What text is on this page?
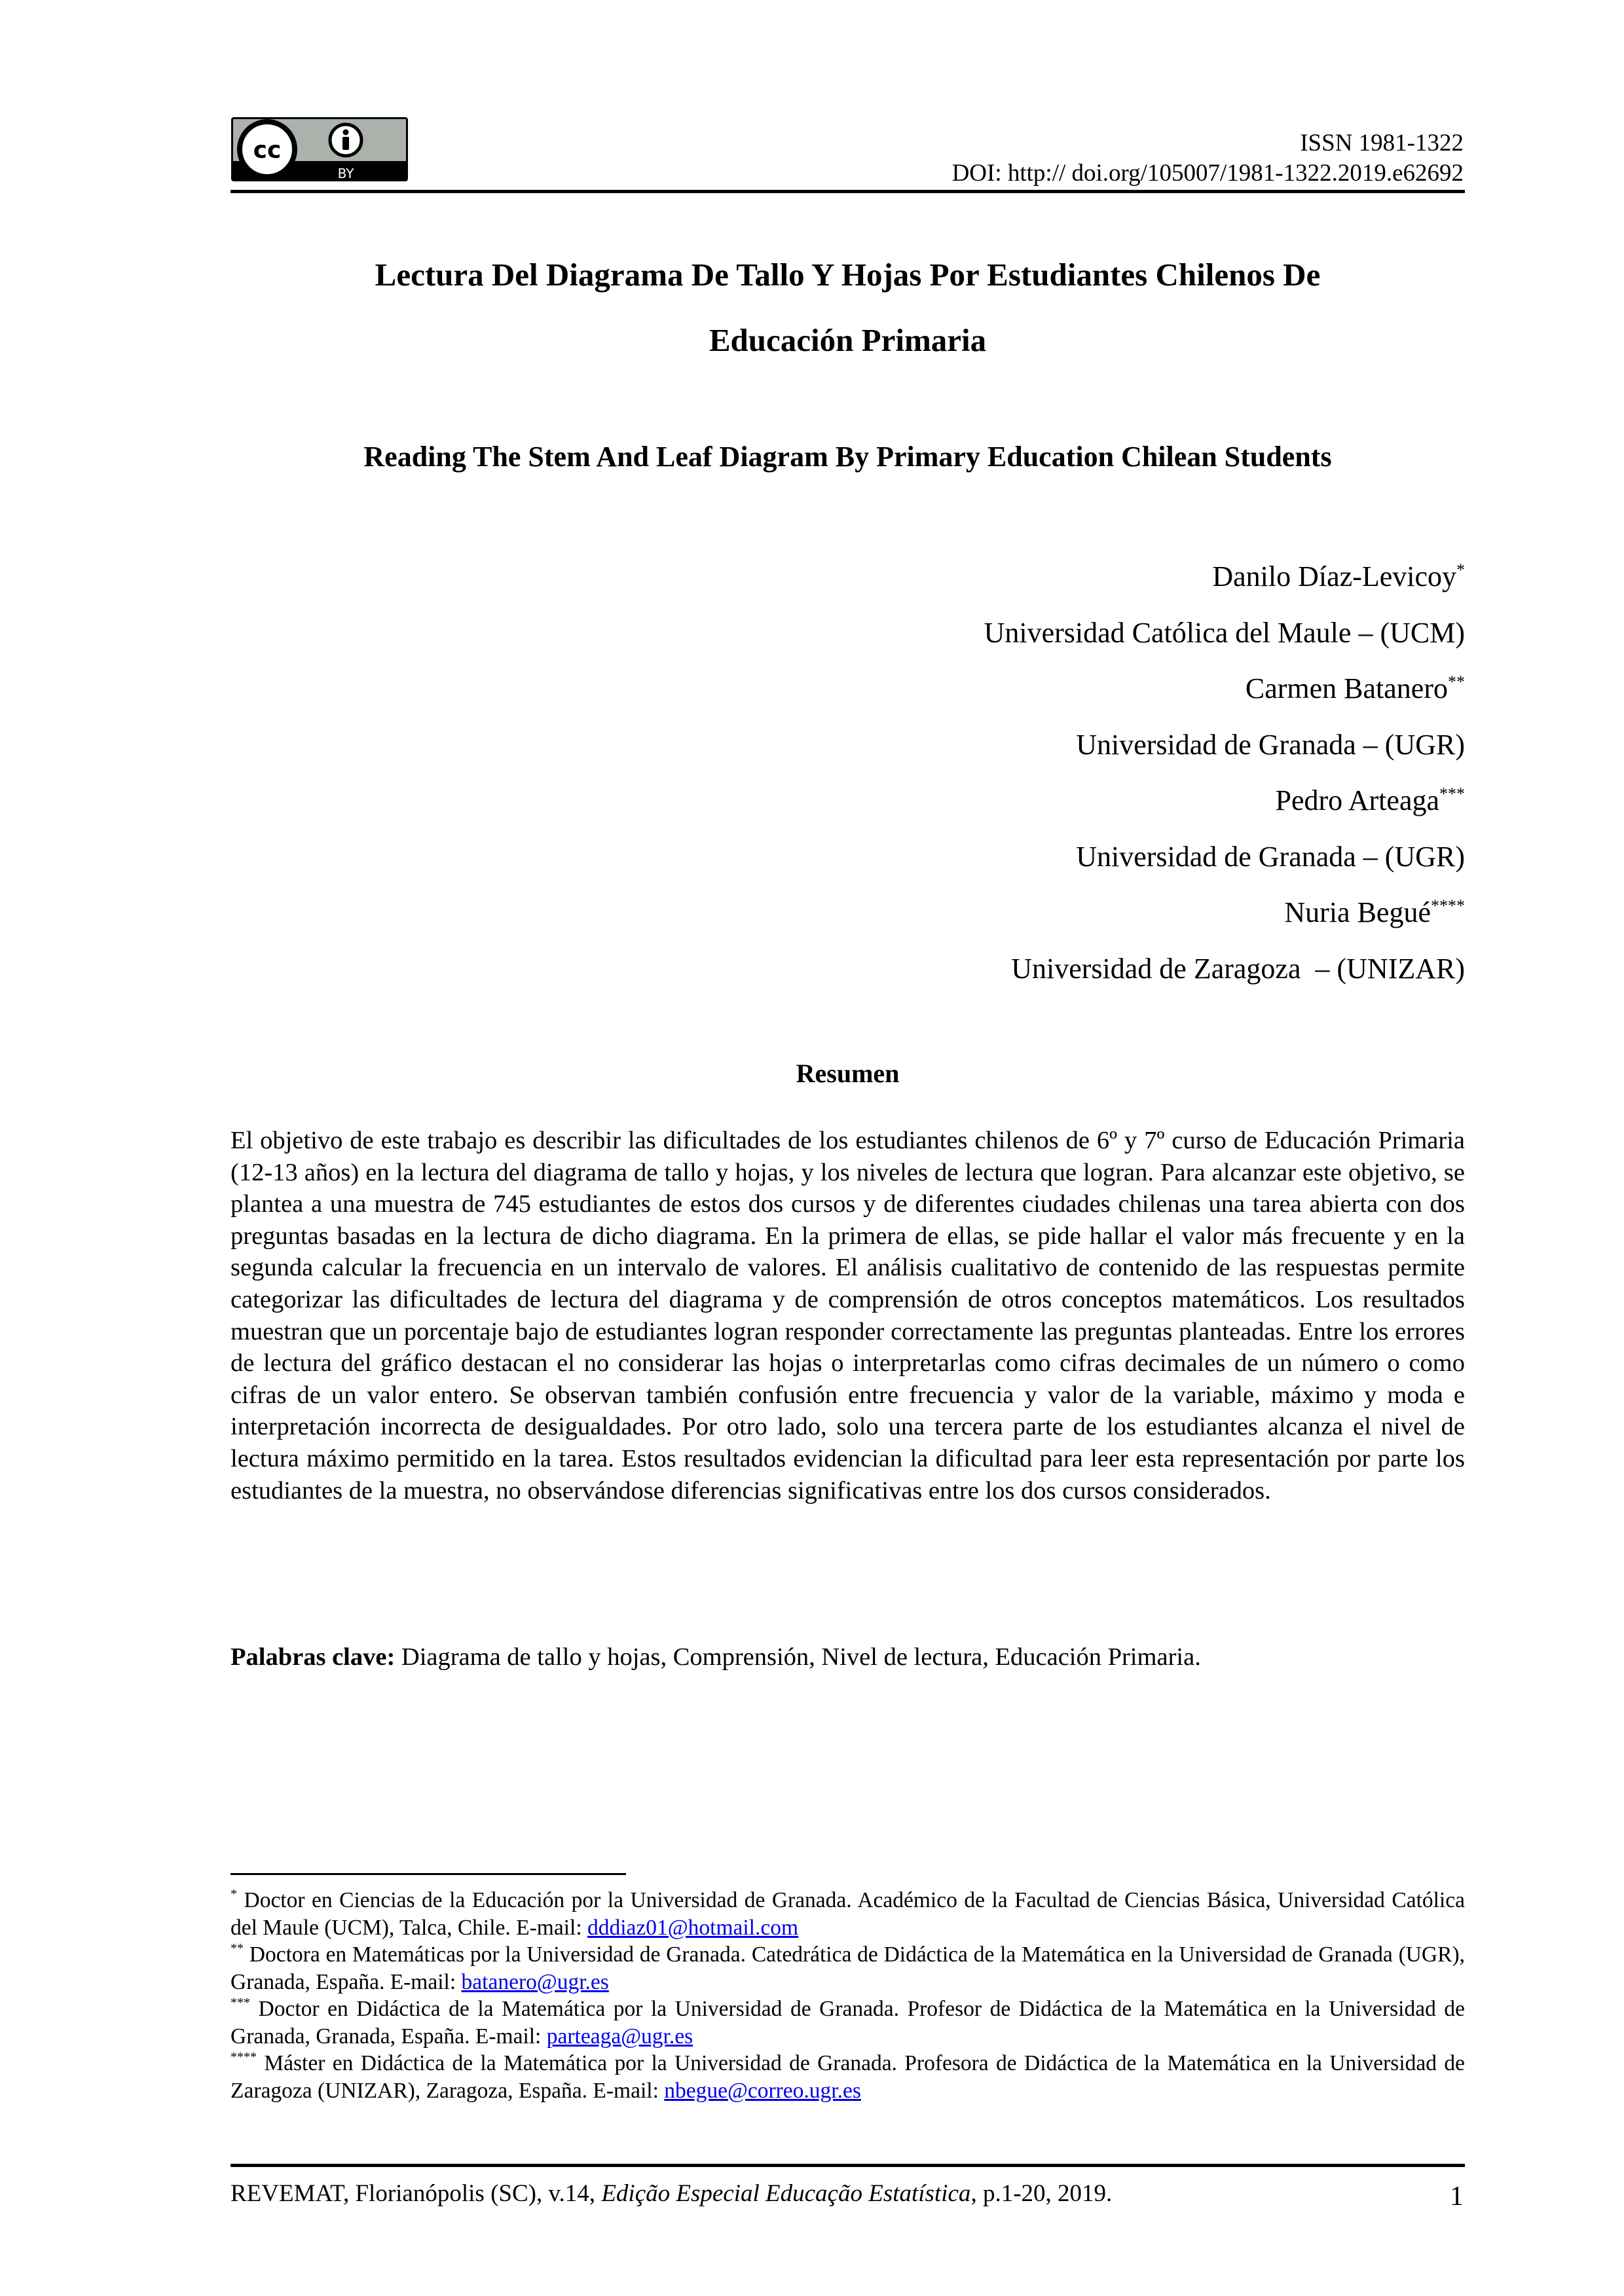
cc
BY
ISSN 1981-1322
DOI: http:// doi.org/105007/1981-1322.2019.e62692
Lectura Del Diagrama De Tallo Y Hojas Por Estudiantes Chilenos De
Educación Primaria
Reading The Stem And Leaf Diagram By Primary Education Chilean Students
Danilo Díaz-Levicoy*
Universidad Católica del Maule – (UCM)
Carmen Batanero**
Universidad de Granada – (UGR)
Pedro Arteaga***
Universidad de Granada – (UGR)
Nuria Begué****
Universidad de Zaragoza  – (UNIZAR)
Resumen
El objetivo de este trabajo es describir las dificultades de los estudiantes chilenos de 6º y 7º curso de Educación Primaria (12-13 años) en la lectura del diagrama de tallo y hojas, y los niveles de lectura que logran. Para alcanzar este objetivo, se plantea a una muestra de 745 estudiantes de estos dos cursos y de diferentes ciudades chilenas una tarea abierta con dos preguntas basadas en la lectura de dicho diagrama. En la primera de ellas, se pide hallar el valor más frecuente y en la segunda calcular la frecuencia en un intervalo de valores. El análisis cualitativo de contenido de las respuestas permite categorizar las dificultades de lectura del diagrama y de comprensión de otros conceptos matemáticos. Los resultados muestran que un porcentaje bajo de estudiantes logran responder correctamente las preguntas planteadas. Entre los errores de lectura del gráfico destacan el no considerar las hojas o interpretarlas como cifras decimales de un número o como cifras de un valor entero. Se observan también confusión entre frecuencia y valor de la variable, máximo y moda e interpretación incorrecta de desigualdades. Por otro lado, solo una tercera parte de los estudiantes alcanza el nivel de lectura máximo permitido en la tarea. Estos resultados evidencian la dificultad para leer esta representación por parte los estudiantes de la muestra, no observándose diferencias significativas entre los dos cursos considerados.
Palabras clave: Diagrama de tallo y hojas, Comprensión, Nivel de lectura, Educación Primaria.

* Doctor en Ciencias de la Educación por la Universidad de Granada. Académico de la Facultad de Ciencias Básica, Universidad Católica del Maule (UCM), Talca, Chile. E-mail: dddiaz01@hotmail.com

** Doctora en Matemáticas por la Universidad de Granada. Catedrática de Didáctica de la Matemática en la Universidad de Granada (UGR), Granada, España. E-mail: batanero@ugr.es

*** Doctor en Didáctica de la Matemática por la Universidad de Granada. Profesor de Didáctica de la Matemática en la Universidad de Granada, Granada, España. E-mail: parteaga@ugr.es

**** Máster en Didáctica de la Matemática por la Universidad de Granada. Profesora de Didáctica de la Matemática en la Universidad de Zaragoza (UNIZAR), Zaragoza, España. E-mail: nbegue@correo.ugr.es

REVEMAT, Florianópolis (SC), v.14, Edição Especial Educação Estatística, p.1-20, 2019.	1
